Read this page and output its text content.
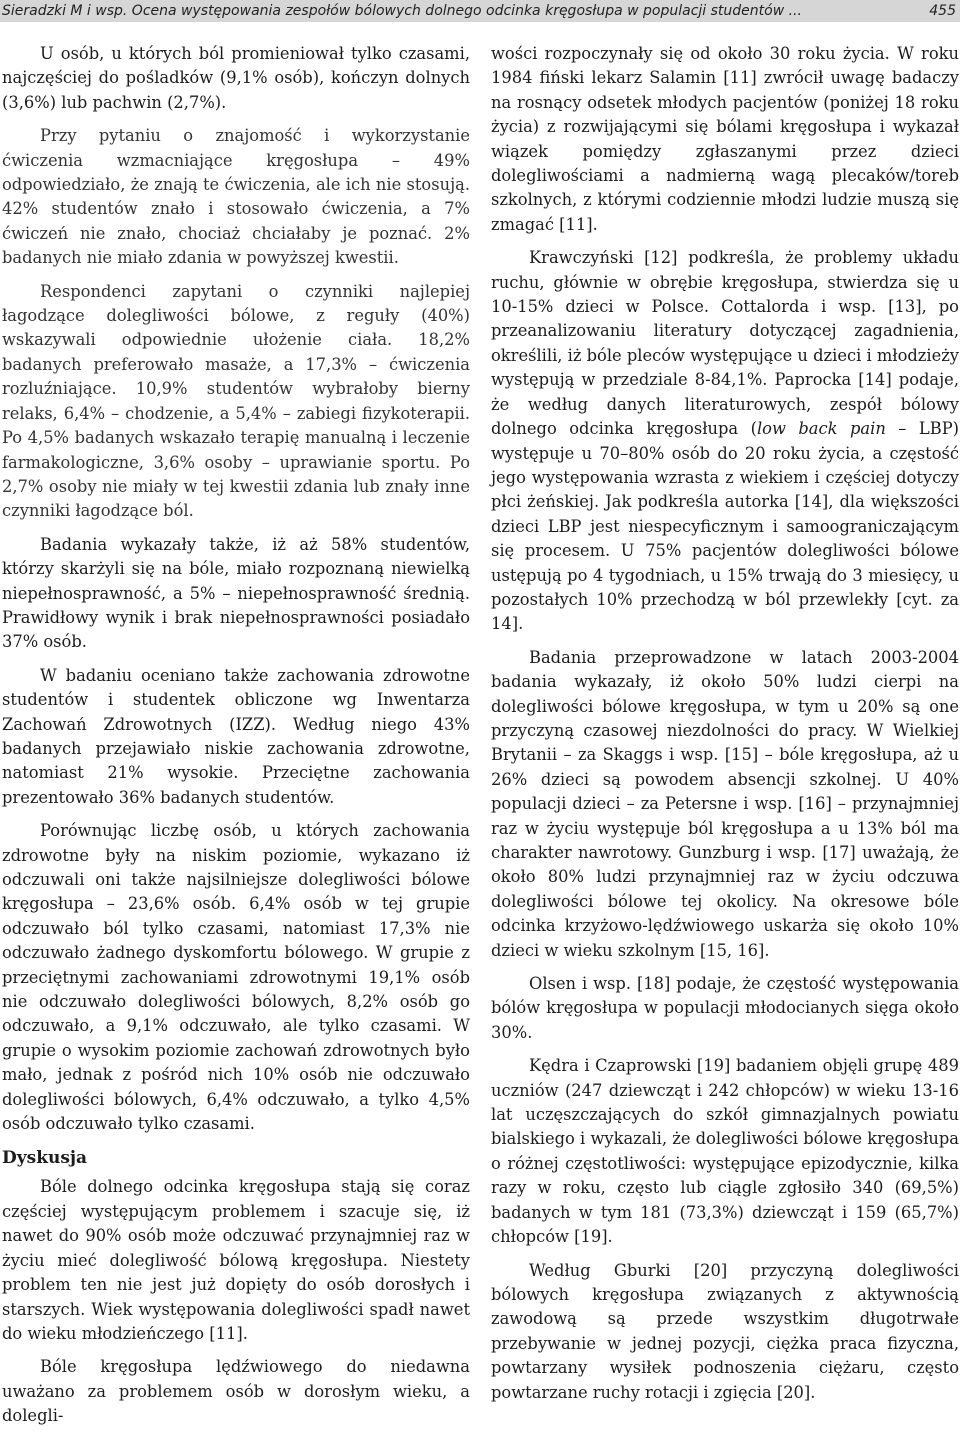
Sieradzki M i wsp. Ocena występowania zespołów bólowych dolnego odcinka kręgosłupa w populacji studentów ...	455

U osób, u których ból promieniował tylko czasami, najczęściej do pośladków (9,1% osób), kończyn dolnych (3,6%) lub pachwin (2,7%).

Przy pytaniu o znajomość i wykorzystanie ćwiczenia wzmacniające kręgosłupa – 49% odpowiedziało, że znają te ćwiczenia, ale ich nie stosują. 42% studentów znało i stosowało ćwiczenia, a 7% ćwiczeń nie znało, chociaż chciałaby je poznać. 2% badanych nie miało zdania w powyższej kwestii.

Respondenci zapytani o czynniki najlepiej łagodzące dolegliwości bólowe, z reguły (40%) wskazywali odpowiednie ułożenie ciała. 18,2% badanych preferowało masaże, a 17,3% – ćwiczenia rozluźniające. 10,9% studentów wybrałoby bierny relaks, 6,4% – chodzenie, a 5,4% – zabiegi fizykoterapii. Po 4,5% badanych wskazało terapię manualną i leczenie farmakologiczne, 3,6% osoby – uprawianie sportu. Po 2,7% osoby nie miały w tej kwestii zdania lub znały inne czynniki łagodzące ból.

Badania wykazały także, iż aż 58% studentów, którzy skarżyli się na bóle, miało rozpoznaną niewielką niepełnosprawność, a 5% – niepełnosprawność średnią. Prawidłowy wynik i brak niepełnosprawności posiadało 37% osób.

W badaniu oceniano także zachowania zdrowotne studentów i studentek obliczone wg Inwentarza Zachowań Zdrowotnych (IZZ). Według niego 43% badanych przejawiało niskie zachowania zdrowotne, natomiast 21% wysokie. Przeciętne zachowania prezentowało 36% badanych studentów.

Porównując liczbę osób, u których zachowania zdrowotne były na niskim poziomie, wykazano iż odczuwali oni także najsilniejsze dolegliwości bólowe kręgosłupa – 23,6% osób. 6,4% osób w tej grupie odczuwało ból tylko czasami, natomiast 17,3% nie odczuwało żadnego dyskomfortu bólowego. W grupie z przeciętnymi zachowaniami zdrowotnymi 19,1% osób nie odczuwało dolegliwości bólowych, 8,2% osób go odczuwało, a 9,1% odczuwało, ale tylko czasami. W grupie o wysokim poziomie zachowań zdrowotnych było mało, jednak z pośród nich 10% osób nie odczuwało dolegliwości bólowych, 6,4% odczuwało, a tylko 4,5% osób odczuwało tylko czasami.

Dyskusja

Bóle dolnego odcinka kręgosłupa stają się coraz częściej występującym problemem i szacuje się, iż nawet do 90% osób może odczuwać przynajmniej raz w życiu mieć dolegliwość bólową kręgosłupa. Niestety problem ten nie jest już dopięty do osób dorosłych i starszych. Wiek występowania dolegliwości spadł nawet do wieku młodzieńczego [11].

Bóle kręgosłupa lędźwiowego do niedawna uważano za problemem osób w dorosłym wieku, a dolegli-

wości rozpoczynały się od około 30 roku życia. W roku 1984 fiński lekarz Salamin [11] zwrócił uwagę badaczy na rosnący odsetek młodych pacjentów (poniżej 18 roku życia) z rozwijającymi się bólami kręgosłupa i wykazał wiązek pomiędzy zgłaszanymi przez dzieci dolegliwościami a nadmierną wagą plecaków/toreb szkolnych, z którymi codziennie młodzi ludzie muszą się zmagać [11].

Krawczyński [12] podkreśla, że problemy układu ruchu, głównie w obrębie kręgosłupa, stwierdza się u 10-15% dzieci w Polsce. Cottalorda i wsp. [13], po przeanalizowaniu literatury dotyczącej zagadnienia, określili, iż bóle pleców występujące u dzieci i młodzieży występują w przedziale 8-84,1%. Paprocka [14] podaje, że według danych literaturowych, zespół bólowy dolnego odcinka kręgosłupa (low back pain – LBP) występuje u 70–80% osób do 20 roku życia, a częstość jego występowania wzrasta z wiekiem i częściej dotyczy płci żeńskiej. Jak podkreśla autorka [14], dla większości dzieci LBP jest niespecyficznym i samoograniczającym się procesem. U 75% pacjentów dolegliwości bólowe ustępują po 4 tygodniach, u 15% trwają do 3 miesięcy, u pozostałych 10% przechodzą w ból przewlekły [cyt. za 14].

Badania przeprowadzone w latach 2003-2004 badania wykazały, iż około 50% ludzi cierpi na dolegliwości bólowe kręgosłupa, w tym u 20% są one przyczyną czasowej niezdolności do pracy. W Wielkiej Brytanii – za Skaggs i wsp. [15] – bóle kręgosłupa, aż u 26% dzieci są powodem absencji szkolnej. U 40% populacji dzieci – za Petersne i wsp. [16] – przynajmniej raz w życiu występuje ból kręgosłupa a u 13% ból ma charakter nawrotowy. Gunzburg i wsp. [17] uważają, że około 80% ludzi przynajmniej raz w życiu odczuwa dolegliwości bólowe tej okolicy. Na okresowe bóle odcinka krzyżowo-lędźwiowego uskarża się około 10% dzieci w wieku szkolnym [15, 16].

Olsen i wsp. [18] podaje, że częstość występowania bólów kręgosłupa w populacji młodocianych sięga około 30%.

Kędra i Czaprowski [19] badaniem objęli grupę 489 uczniów (247 dziewcząt i 242 chłopców) w wieku 13-16 lat uczęszczających do szkół gimnazjalnych powiatu bialskiego i wykazali, że dolegliwości bólowe kręgosłupa o różnej częstotliwości: występujące epizodycznie, kilka razy w roku, często lub ciągle zgłosiło 340 (69,5%) badanych w tym 181 (73,3%) dziewcząt i 159 (65,7%) chłopców [19].

Według Gburki [20] przyczyną dolegliwości bólowych kręgosłupa związanych z aktywnością zawodową są przede wszystkim długotrwałe przebywanie w jednej pozycji, ciężka praca fizyczna, powtarzany wysiłek podnoszenia ciężaru, często powtarzane ruchy rotacji i zgięcia [20].
